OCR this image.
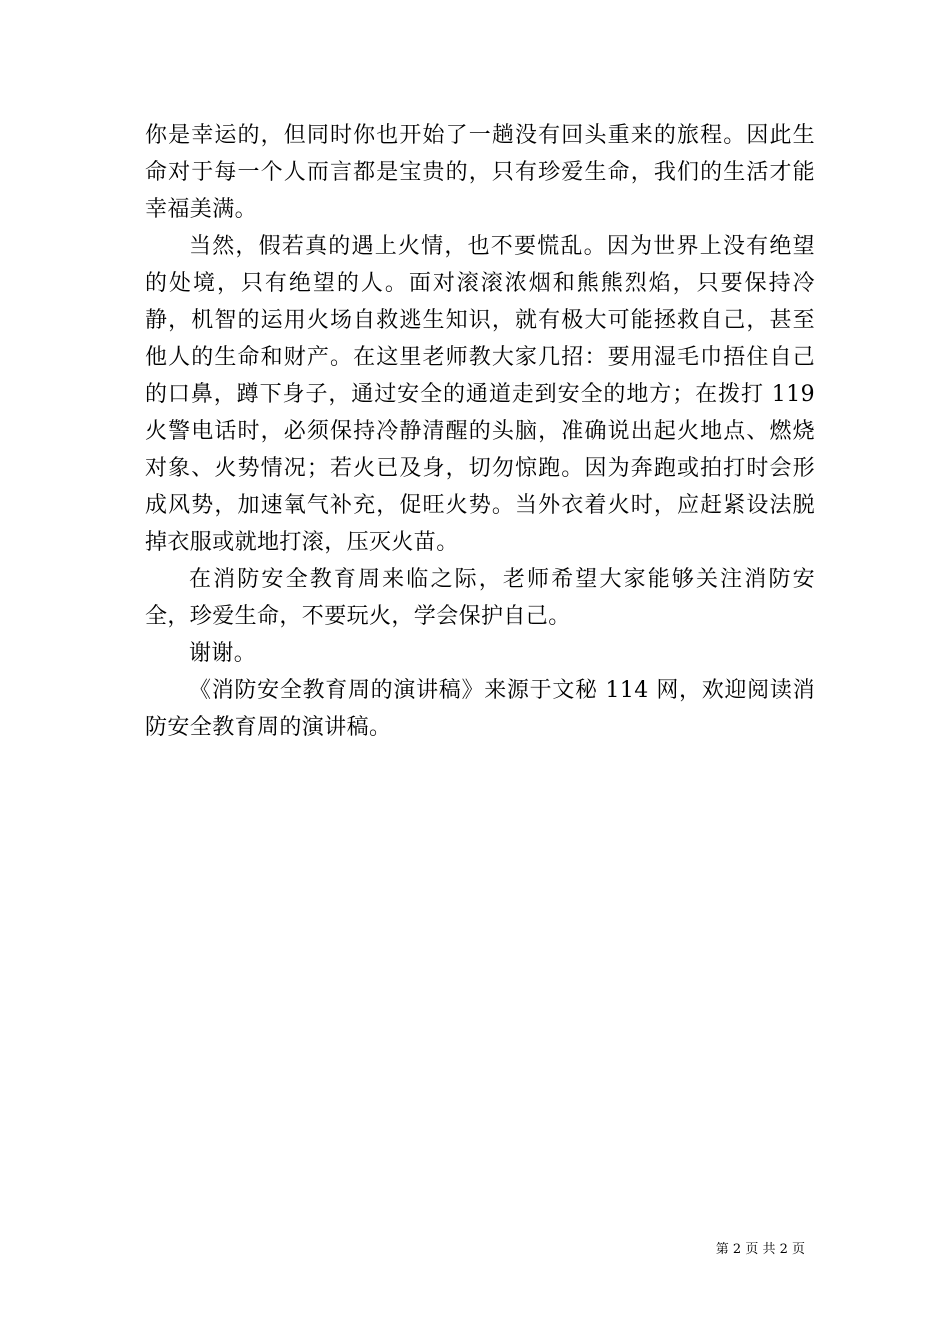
你是幸运的，但同时你也开始了一趟没有回头重来的旅程。因此生命对于每一个人而言都是宝贵的，只有珍爱生命，我们的生活才能幸福美满。

当然，假若真的遇上火情，也不要慌乱。因为世界上没有绝望的处境，只有绝望的人。面对滚滚浓烟和熊熊烈焰，只要保持冷静，机智的运用火场自救逃生知识，就有极大可能拯救自己，甚至他人的生命和财产。在这里老师教大家几招：要用湿毛巾捂住自己的口鼻，蹲下身子，通过安全的通道走到安全的地方；在拨打 119 火警电话时，必须保持冷静清醒的头脑，准确说出起火地点、燃烧对象、火势情况；若火已及身，切勿惊跑。因为奔跑或拍打时会形成风势，加速氧气补充，促旺火势。当外衣着火时，应赶紧设法脱掉衣服或就地打滚，压灭火苗。

在消防安全教育周来临之际，老师希望大家能够关注消防安全，珍爱生命，不要玩火，学会保护自己。

谢谢。

《消防安全教育周的演讲稿》来源于文秘 114 网，欢迎阅读消防安全教育周的演讲稿。

第 2 页 共 2 页
